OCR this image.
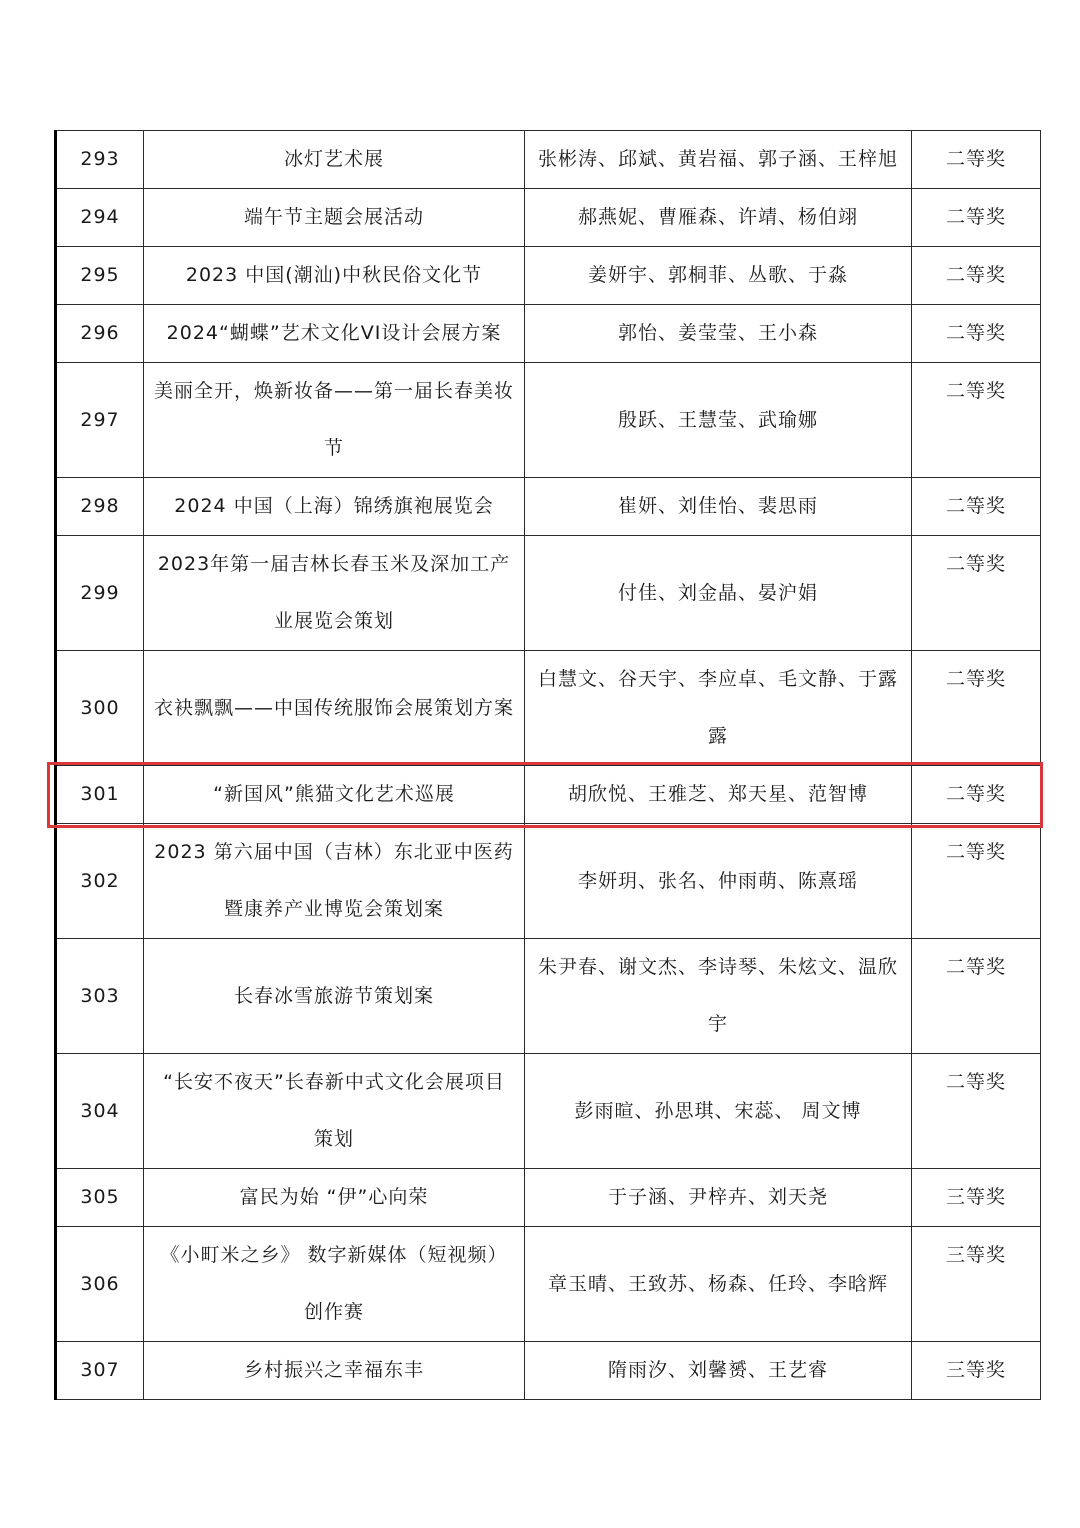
293	冰灯艺术展	张彬涛、邱斌、黄岩福、郭子涵、王梓旭	二等奖
294	端午节主题会展活动	郝燕妮、曹雁森、许靖、杨伯翊	二等奖
295	2023 中国(潮汕)中秋民俗文化节	姜妍宇、郭桐菲、丛歌、于淼	二等奖
296	2024“蝴蝶”艺术文化VI设计会展方案	郭怡、姜莹莹、王小森	二等奖
297	美丽全开，焕新妆备——第一届长春美妆节	殷跃、王慧莹、武瑜娜	二等奖
298	2024 中国（上海）锦绣旗袍展览会	崔妍、刘佳怡、裴思雨	二等奖
299	2023年第一届吉林长春玉米及深加工产业展览会策划	付佳、刘金晶、晏沪娟	二等奖
300	衣袂飘飘——中国传统服饰会展策划方案	白慧文、谷天宇、李应卓、毛文静、于露露	二等奖
301	“新国风”熊猫文化艺术巡展	胡欣悦、王雅芝、郑天星、范智博	二等奖
302	2023 第六届中国（吉林）东北亚中医药暨康养产业博览会策划案	李妍玥、张名、仲雨萌、陈熹瑶	二等奖
303	长春冰雪旅游节策划案	朱尹春、谢文杰、李诗琴、朱炫文、温欣宇	二等奖
304	“长安不夜天”长春新中式文化会展项目策划	彭雨暄、孙思琪、宋蕊、 周文博	二等奖
305	富民为始 “伊”心向荣	于子涵、尹梓卉、刘天尧	三等奖
306	《小町米之乡》 数字新媒体（短视频）创作赛	章玉晴、王致苏、杨森、任玲、李晗辉	三等奖
307	乡村振兴之幸福东丰	隋雨汐、刘馨赟、王艺睿	三等奖
